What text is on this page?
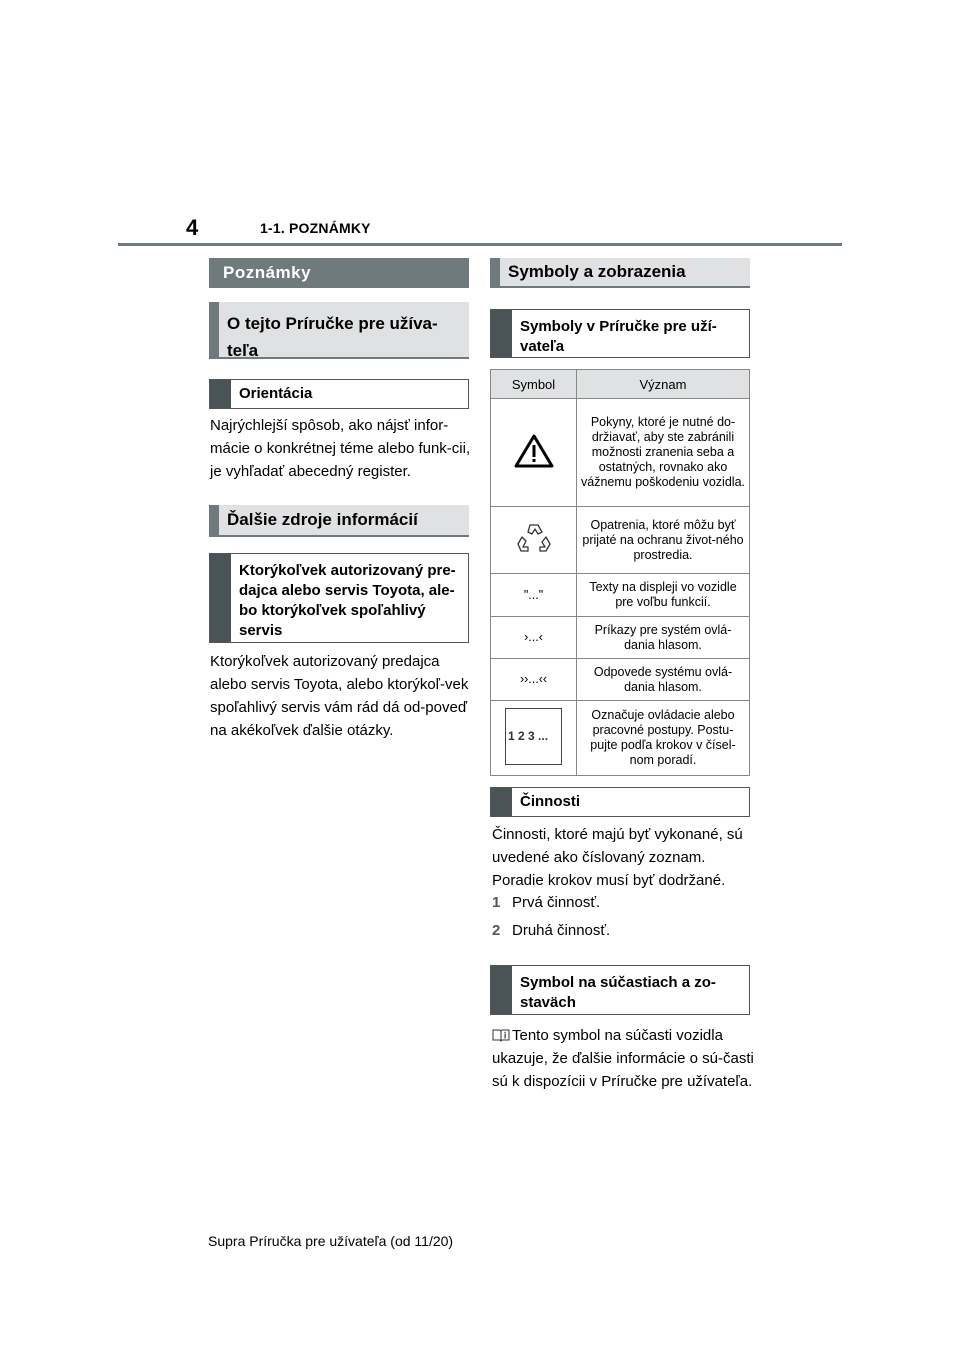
4	1-1. POZNÁMKY
Poznámky
O tejto Príručke pre užíva-teľa
Orientácia
Najrýchlejší spôsob, ako nájsť infor-mácie o konkrétnej téme alebo funk-cii, je vyhľadať abecedný register.
Ďalšie zdroje informácií
Ktorýkoľvek autorizovaný pre-dajca alebo servis Toyota, ale-bo ktorýkoľvek spoľahlivý servis
Ktorýkoľvek autorizovaný predajca alebo servis Toyota, alebo ktorýkoľ-vek spoľahlivý servis vám rád dá od-poveď na akékoľvek ďalšie otázky.
Symboly a zobrazenia
Symboly v Príručke pre uží-vateľa
Symbol	Význam
	Pokyny, ktoré je nutné do-držiavať, aby ste zabránili možnosti zranenia seba a ostatných, rovnako ako vážnemu poškodeniu vozidla.
	Opatrenia, ktoré môžu byť prijaté na ochranu život-ného prostredia.
"..."	Texty na displeji vo vozidle pre voľbu funkcií.
›...‹	Príkazy pre systém ovlá-dania hlasom.
››...‹‹	Odpovede systému ovlá-dania hlasom.

1 2 3 ...	Označuje ovládacie alebo pracovné postupy. Postu-pujte podľa krokov v čísel-nom poradí.
Činnosti
Činnosti, ktoré majú byť vykonané, sú uvedené ako číslovaný zoznam. Poradie krokov musí byť dodržané.
1 Prvá činnosť.
2 Druhá činnosť.
Symbol na súčastiach a zo-staväch
Tento symbol na súčasti vozidla ukazuje, že ďalšie informácie o sú-časti sú k dispozícii v Príručke pre užívateľa.
Supra Príručka pre užívateľa (od 11/20)
